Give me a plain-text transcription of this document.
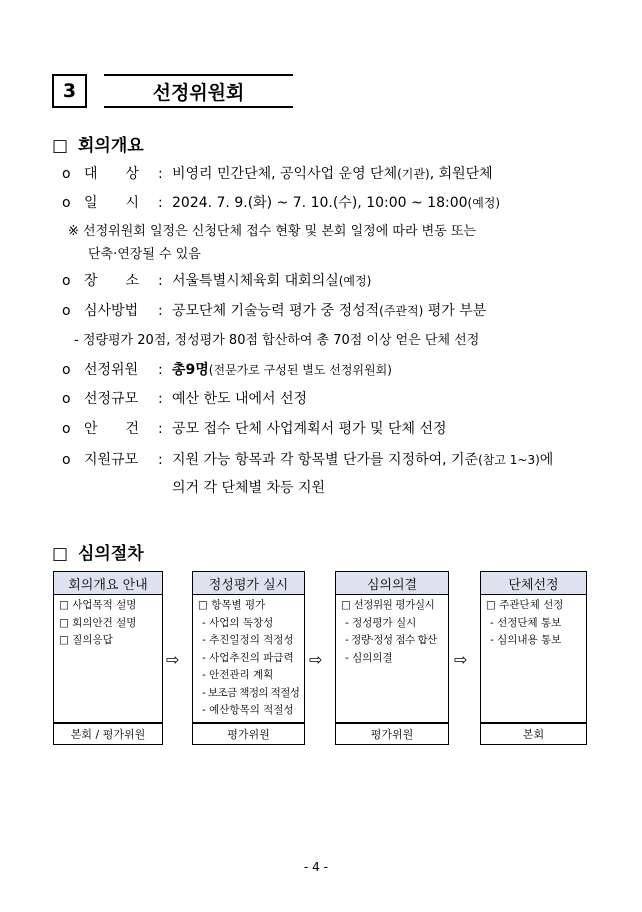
3	선정위원회
□ 회의개요
o 대　　상 : 비영리 민간단체, 공익사업 운영 단체(기관), 회원단체
o 일　　시 : 2024. 7. 9.(화) ~ 7. 10.(수), 10:00 ~ 18:00(예정)
※ 선정위원회 일정은 신청단체 접수 현황 및 본회 일정에 따라 변동 또는
단축·연장될 수 있음
o 장　　소 : 서울특별시체육회 대회의실(예정)
o 심사방법 : 공모단체 기술능력 평가 중 정성적(주관적) 평가 부분
- 정량평가 20점, 정성평가 80점 합산하여 총 70점 이상 얻은 단체 선정
o 선정위원 : 총9명(전문가로 구성된 별도 선정위원회)
o 선정규모 : 예산 한도 내에서 선정
o 안　　건 : 공모 접수 단체 사업계획서 평가 및 단체 선정
o 지원규모 : 지원 가능 항목과 각 항목별 단가를 지정하여, 기준(참고 1~3)에
의거 각 단체별 차등 지원
□ 심의절차
회의개요 안내
□ 사업목적 설명
□ 회의안건 설명
□ 질의응답
본회 / 평가위원
⇨
정성평가 실시
□ 항목별 평가
- 사업의 독창성
- 추진일정의 적정성
- 사업추진의 파급력
- 안전관리 계획
- 보조금 책정의 적절성
- 예산항목의 적절성
평가위원
⇨
심의의결
□ 선정위원 평가실시
- 정성평가 실시
- 정량·정성 점수 합산
- 심의의결
평가위원
⇨
단체선정
□ 주관단체 선정
- 선정단체 통보
- 심의내용 통보
본회
- 4 -
